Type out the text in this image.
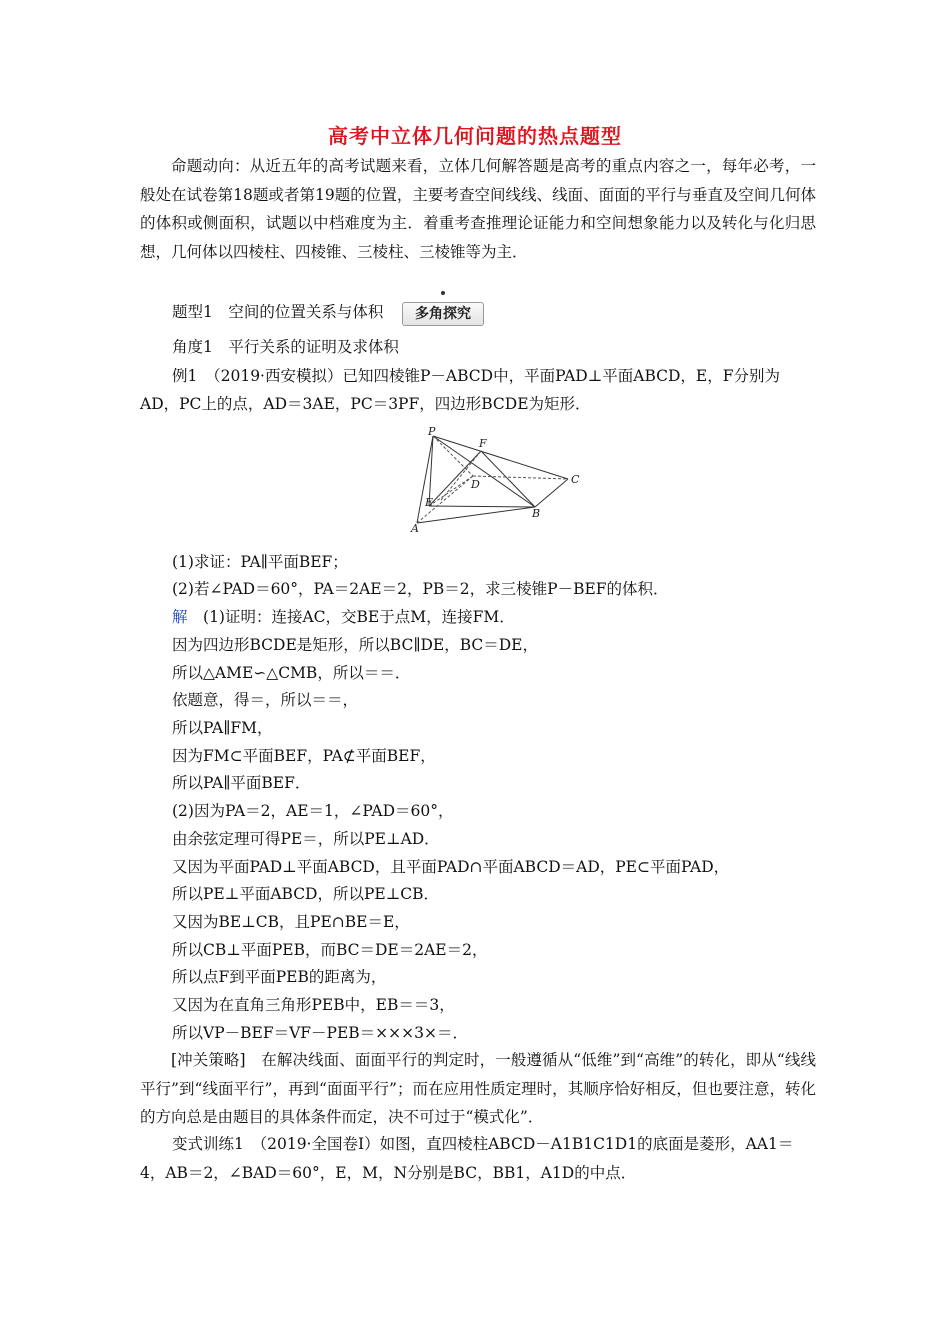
高考中立体几何问题的热点题型
命题动向：从近五年的高考试题来看，立体几何解答题是高考的重点内容之一，每年必考，一般处在试卷第18题或者第19题的位置，主要考查空间线线、线面、面面的平行与垂直及空间几何体的体积或侧面积，试题以中档难度为主．着重考查推理论证能力和空间想象能力以及转化与化归思想，几何体以四棱柱、四棱锥、三棱柱、三棱锥等为主．
题型1　空间的位置关系与体积	多角探究
角度1　平行关系的证明及求体积
例1　（2019·西安模拟）已知四棱锥P－ABCD中，平面PAD⊥平面ABCD，E，F分别为
AD，PC上的点，AD＝3AE，PC＝3PF，四边形BCDE为矩形．
P
F
D	C
E
B
A
(1)求证：PA∥平面BEF；
(2)若∠PAD＝60°，PA＝2AE＝2，PB＝2，求三棱锥P－BEF的体积．
解　(1)证明：连接AC，交BE于点M，连接FM．
因为四边形BCDE是矩形，所以BC∥DE，BC＝DE，
所以△AME∽△CMB，所以＝＝．
依题意，得＝，所以＝＝，
所以PA∥FM，
因为FM⊂平面BEF，PA⊄平面BEF，
所以PA∥平面BEF．
(2)因为PA＝2，AE＝1，∠PAD＝60°，
由余弦定理可得PE＝，所以PE⊥AD．
又因为平面PAD⊥平面ABCD，且平面PAD∩平面ABCD＝AD，PE⊂平面PAD，
所以PE⊥平面ABCD，所以PE⊥CB．
又因为BE⊥CB，且PE∩BE＝E，
所以CB⊥平面PEB，而BC＝DE＝2AE＝2，
所以点F到平面PEB的距离为，
又因为在直角三角形PEB中，EB＝＝3，
所以VP－BEF＝VF－PEB＝×××3×＝．
[冲关策略]　在解决线面、面面平行的判定时，一般遵循从“低维”到“高维”的转化，即从“线线平行”到“线面平行”，再到“面面平行”；而在应用性质定理时，其顺序恰好相反，但也要注意，转化的方向总是由题目的具体条件而定，决不可过于“模式化”．
变式训练1　（2019·全国卷Ⅰ）如图，直四棱柱ABCD－A1B1C1D1的底面是菱形，AA1＝
4，AB＝2，∠BAD＝60°，E，M，N分别是BC，BB1，A1D的中点．
